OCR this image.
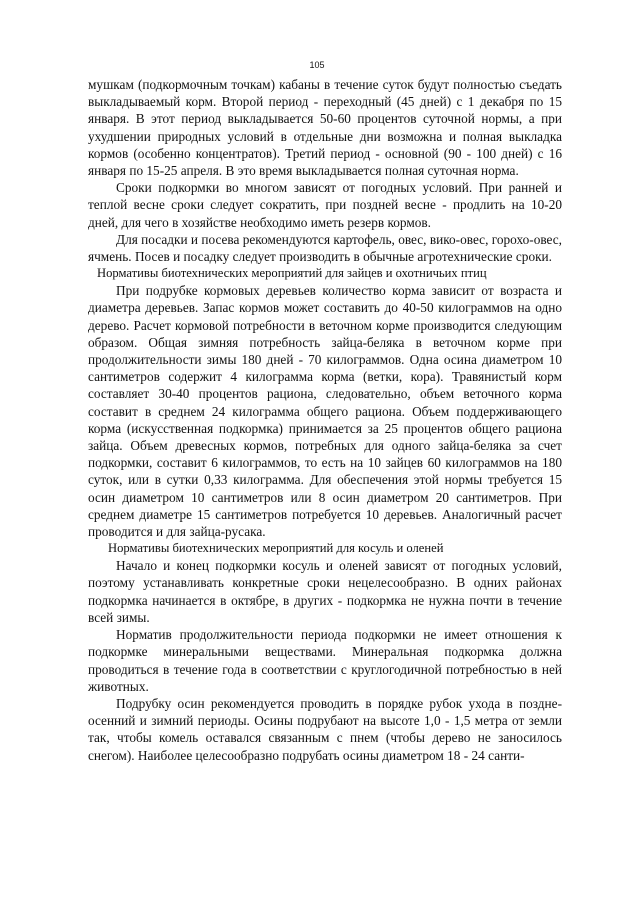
105

мушкам (подкормочным точкам) кабаны в течение суток будут полностью съедать выкладываемый корм. Второй период - переходный (45 дней) с 1 декабря по 15 января. В этот период выкладывается 50-60 процентов суточной нормы, а при ухудшении природных условий в отдельные дни возможна и полная выкладка кормов (особенно концентратов). Третий период - основной (90 - 100 дней) с 16 января по 15-25 апреля. В это время выкладывается полная суточная норма.

Сроки подкормки во многом зависят от погодных условий. При ранней и теплой весне сроки следует сократить, при поздней весне - продлить на 10-20 дней, для чего в хозяйстве необходимо иметь резерв кормов.

Для посадки и посева рекомендуются картофель, овес, вико-овес, горохо-овес, ячмень. Посев и посадку следует производить в обычные агротехнические сроки.

Нормативы биотехнических мероприятий для зайцев и охотничьих птиц

При подрубке кормовых деревьев количество корма зависит от возраста и диаметра деревьев. Запас кормов может составить до 40-50 килограммов на одно дерево. Расчет кормовой потребности в веточном корме производится следующим образом. Общая зимняя потребность зайца-беляка в веточном корме при продолжительности зимы 180 дней - 70 килограммов. Одна осина диаметром 10 сантиметров содержит 4 килограмма корма (ветки, кора). Травянистый корм составляет 30-40 процентов рациона, следовательно, объем веточного корма составит в среднем 24 килограмма общего рациона. Объем поддерживающего корма (искусственная подкормка) принимается за 25 процентов общего рациона зайца. Объем древесных кормов, потребных для одного зайца-беляка за счет подкормки, составит 6 килограммов, то есть на 10 зайцев 60 килограммов на 180 суток, или в сутки 0,33 килограмма. Для обеспечения этой нормы требуется 15 осин диаметром 10 сантиметров или 8 осин диаметром 20 сантиметров. При среднем диаметре 15 сантиметров потребуется 10 деревьев. Аналогичный расчет проводится и для зайца-русака.

Нормативы биотехнических мероприятий для косуль и оленей

Начало и конец подкормки косуль и оленей зависят от погодных условий, поэтому устанавливать конкретные сроки нецелесообразно. В одних районах подкормка начинается в октябре, в других - подкормка не нужна почти в течение всей зимы.

Норматив продолжительности периода подкормки не имеет отношения к подкормке минеральными веществами. Минеральная подкормка должна проводиться в течение года в соответствии с круглогодичной потребностью в ней животных.

Подрубку осин рекомендуется проводить в порядке рубок ухода в поздне-осенний и зимний периоды. Осины подрубают на высоте 1,0 - 1,5 метра от земли так, чтобы комель оставался связанным с пнем (чтобы дерево не заносилось снегом). Наиболее целесообразно подрубать осины диаметром 18 - 24 санти-
